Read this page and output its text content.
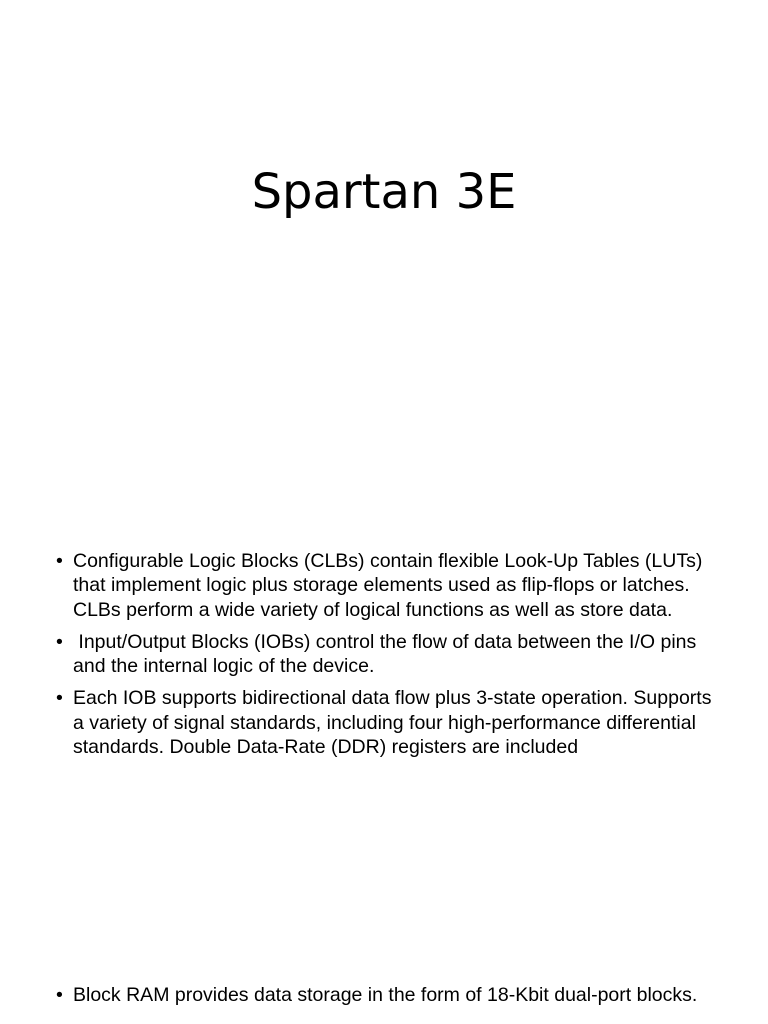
Spartan 3E
• Configurable Logic Blocks (CLBs) contain flexible Look-Up Tables (LUTs) that implement logic plus storage elements used as flip-flops or latches. CLBs perform a wide variety of logical functions as well as store data.
• Input/Output Blocks (IOBs) control the flow of data between the I/O pins and the internal logic of the device.
• Each IOB supports bidirectional data flow plus 3-state operation. Supports a variety of signal standards, including four high-performance differential standards. Double Data-Rate (DDR) registers are included
• Block RAM provides data storage in the form of 18-Kbit dual-port blocks.
